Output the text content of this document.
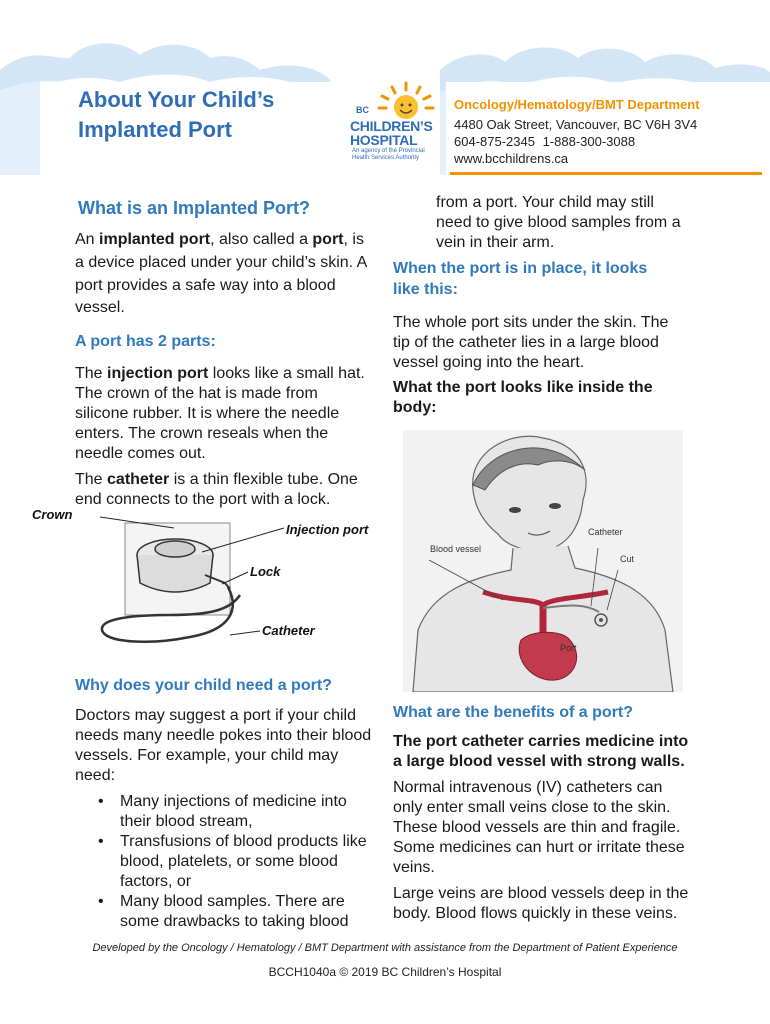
About Your Child’s
Implanted Port
BC
CHILDREN’S
HOSPITAL
An agency of the Provincial
Health Services Authority
Oncology/Hematology/BMT Department
4480 Oak Street, Vancouver, BC V6H 3V4
604-875-2345 1-888-300-3088
www.bcchildrens.ca
What is an Implanted Port?
An implanted port, also called a port, is
a device placed under your child’s skin. A
port provides a safe way into a blood
vessel.
A port has 2 parts:
The injection port looks like a small hat.
The crown of the hat is made from
silicone rubber. It is where the needle
enters. The crown reseals when the
needle comes out.
The catheter is a thin flexible tube. One
end connects to the port with a lock.
Crown
Injection port
Lock
Catheter
Why does your child need a port?
Doctors may suggest a port if your child
needs many needle pokes into their blood
vessels. For example, your child may
need:
• Many injections of medicine into
their blood stream,
• Transfusions of blood products like
blood, platelets, or some blood
factors, or
• Many blood samples. There are
some drawbacks to taking blood
from a port. Your child may still
need to give blood samples from a
vein in their arm.
When the port is in place, it looks
like this:
The whole port sits under the skin. The
tip of the catheter lies in a large blood
vessel going into the heart.
What the port looks like inside the
body:
Blood vessel
Catheter
Cut
Port
What are the benefits of a port?
The port catheter carries medicine into
a large blood vessel with strong walls.
Normal intravenous (IV) catheters can
only enter small veins close to the skin.
These blood vessels are thin and fragile.
Some medicines can hurt or irritate these
veins.
Large veins are blood vessels deep in the
body. Blood flows quickly in these veins.
Developed by the Oncology / Hematology / BMT Department with assistance from the Department of Patient Experience
BCCH1040a © 2019 BC Children’s Hospital
